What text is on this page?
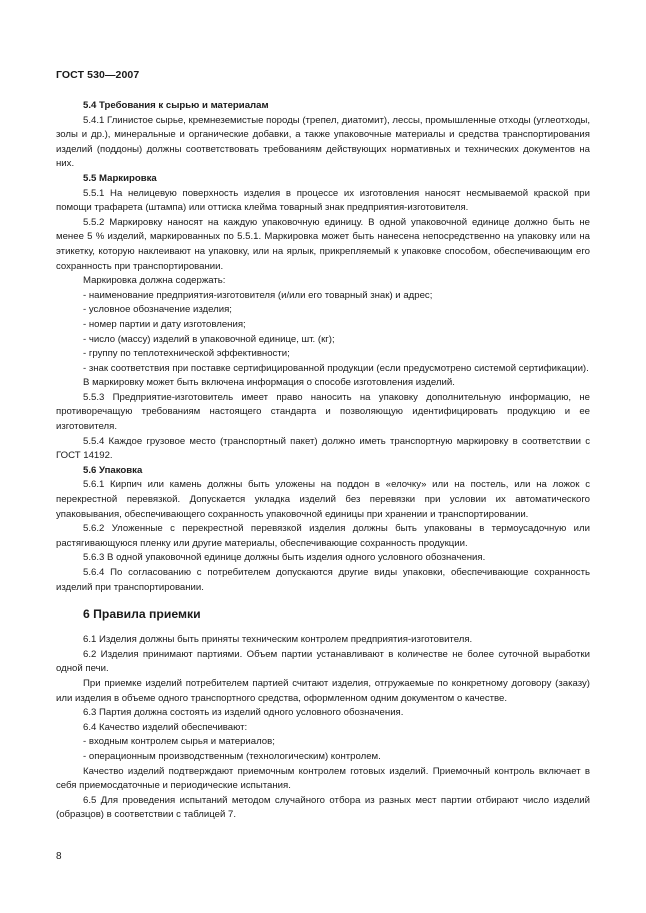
ГОСТ 530—2007

5.4 Требования к сырью и материалам

5.4.1 Глинистое сырье, кремнеземистые породы (трепел, диатомит), лессы, промышленные отходы (углеотходы, золы и др.), минеральные и органические добавки, а также упаковочные материалы и средства транспортирования изделий (поддоны) должны соответствовать требованиям действующих нормативных и технических документов на них.

5.5 Маркировка

5.5.1 На нелицевую поверхность изделия в процессе их изготовления наносят несмываемой краской при помощи трафарета (штампа) или оттиска клейма товарный знак предприятия-изготовителя.

5.5.2 Маркировку наносят на каждую упаковочную единицу. В одной упаковочной единице должно быть не менее 5 % изделий, маркированных по 5.5.1. Маркировка может быть нанесена непосредственно на упаковку или на этикетку, которую наклеивают на упаковку, или на ярлык, прикрепляемый к упаковке способом, обеспечивающим его сохранность при транспортировании.

Маркировка должна содержать:

- наименование предприятия-изготовителя (и/или его товарный знак) и адрес;

- условное обозначение изделия;

- номер партии и дату изготовления;

- число (массу) изделий в упаковочной единице, шт. (кг);

- группу по теплотехнической эффективности;

- знак соответствия при поставке сертифицированной продукции (если предусмотрено системой сертификации).

В маркировку может быть включена информация о способе изготовления изделий.

5.5.3 Предприятие-изготовитель имеет право наносить на упаковку дополнительную информацию, не противоречащую требованиям настоящего стандарта и позволяющую идентифицировать продукцию и ее изготовителя.

5.5.4 Каждое грузовое место (транспортный пакет) должно иметь транспортную маркировку в соответствии с ГОСТ 14192.

5.6 Упаковка

5.6.1 Кирпич или камень должны быть уложены на поддон в «елочку» или на постель, или на ложок с перекрестной перевязкой. Допускается укладка изделий без перевязки при условии их автоматического упаковывания, обеспечивающего сохранность упаковочной единицы при хранении и транспортировании.

5.6.2 Уложенные с перекрестной перевязкой изделия должны быть упакованы в термоусадочную или растягивающуюся пленку или другие материалы, обеспечивающие сохранность продукции.

5.6.3 В одной упаковочной единице должны быть изделия одного условного обозначения.

5.6.4 По согласованию с потребителем допускаются другие виды упаковки, обеспечивающие сохранность изделий при транспортировании.

6 Правила приемки

6.1 Изделия должны быть приняты техническим контролем предприятия-изготовителя.

6.2 Изделия принимают партиями. Объем партии устанавливают в количестве не более суточной выработки одной печи.

При приемке изделий потребителем партией считают изделия, отгружаемые по конкретному договору (заказу) или изделия в объеме одного транспортного средства, оформленном одним документом о качестве.

6.3 Партия должна состоять из изделий одного условного обозначения.

6.4 Качество изделий обеспечивают:

- входным контролем сырья и материалов;

- операционным производственным (технологическим) контролем.

Качество изделий подтверждают приемочным контролем готовых изделий. Приемочный контроль включает в себя приемосдаточные и периодические испытания.

6.5 Для проведения испытаний методом случайного отбора из разных мест партии отбирают число изделий (образцов) в соответствии с таблицей 7.

8
